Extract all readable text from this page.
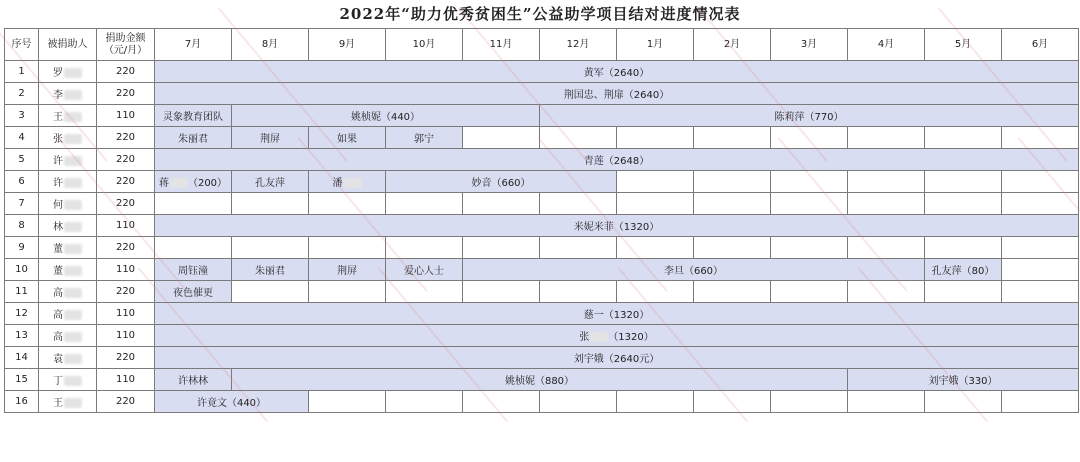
2022年“助力优秀贫困生”公益助学项目结对进度情况表
序号	被捐助人	捐助金额（元/月）	7月	8月	9月	10月	11月	12月	1月	2月	3月	4月	5月	6月
1	罗	220	黄军（2640）											
2	李	220	荆国忠、荆扉（2640）											
3	王	110	灵象教育团队	姚桢妮（440）				陈莉萍（770）						
4	张	220	朱丽君	荆屏	如果	郭宁								
5	许	220	青莲（2648）											
6	许	220	蒋 （200）	孔友萍	潘	妙音（660）								
7	何	220												
8	林	110	米妮米菲（1320）											
9	董	220												
10	董	110	周钰潼	朱丽君	荆屏	爱心人士	李旦（660）						孔友萍（80）	
11	高	220	夜色催更											
12	高	110	慈一（1320）											
13	高	110	张 （1320）											
14	袁	220	刘宇娥（2640元）											
15	丁	110	许林林	姚桢妮（880）								刘宇娥（330）		
16	王	220	许竟文（440）											
